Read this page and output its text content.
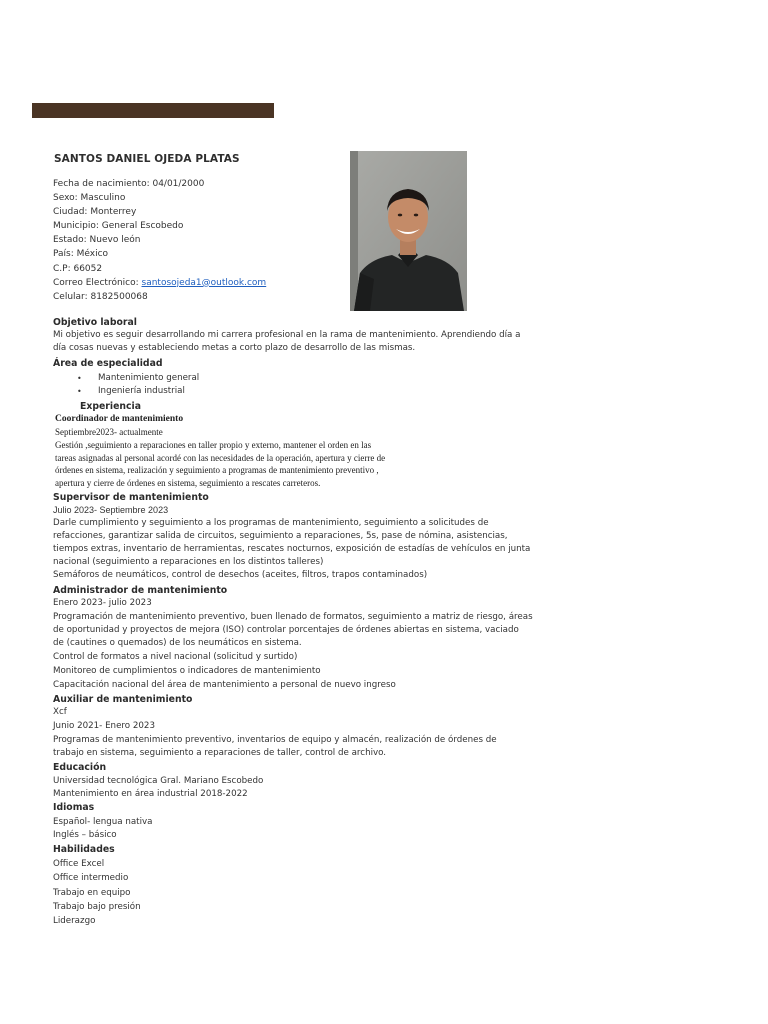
SANTOS DANIEL OJEDA PLATAS
Fecha de nacimiento: 04/01/2000
Sexo: Masculino
Ciudad: Monterrey
Municipio: General Escobedo
Estado: Nuevo león
País: México
C.P: 66052
Correo Electrónico: santosojeda1@outlook.com
Celular: 8182500068
Objetivo laboral
Mi objetivo es seguir desarrollando mi carrera profesional en la rama de mantenimiento. Aprendiendo día a
día cosas nuevas y estableciendo metas a corto plazo de desarrollo de las mismas.
Área de especialidad
• Mantenimiento general
• Ingeniería industrial
Experiencia
Coordinador de mantenimiento
Septiembre2023- actualmente
Gestión ,seguimiento a reparaciones en taller propio y externo, mantener el orden en las
tareas asignadas al personal acordé con las necesidades de la operación, apertura y cierre de
órdenes en sistema, realización y seguimiento a programas de mantenimiento preventivo ,
apertura y cierre de órdenes en sistema, seguimiento a rescates carreteros.
Supervisor de mantenimiento
Julio 2023- Septiembre 2023
Darle cumplimiento y seguimiento a los programas de mantenimiento, seguimiento a solicitudes de
refacciones, garantizar salida de circuitos, seguimiento a reparaciones, 5s, pase de nómina, asistencias,
tiempos extras, inventario de herramientas, rescates nocturnos, exposición de estadías de vehículos en junta
nacional (seguimiento a reparaciones en los distintos talleres)
Semáforos de neumáticos, control de desechos (aceites, filtros, trapos contaminados)
Administrador de mantenimiento
Enero 2023- julio 2023
Programación de mantenimiento preventivo, buen llenado de formatos, seguimiento a matriz de riesgo, áreas
de oportunidad y proyectos de mejora (ISO) controlar porcentajes de órdenes abiertas en sistema, vaciado
de (cautines o quemados) de los neumáticos en sistema.
Control de formatos a nivel nacional (solicitud y surtido)
Monitoreo de cumplimientos o indicadores de mantenimiento
Capacitación nacional del área de mantenimiento a personal de nuevo ingreso
Auxiliar de mantenimiento
Xcf
Junio 2021- Enero 2023
Programas de mantenimiento preventivo, inventarios de equipo y almacén, realización de órdenes de
trabajo en sistema, seguimiento a reparaciones de taller, control de archivo.
Educación
Universidad tecnológica Gral. Mariano Escobedo
Mantenimiento en área industrial 2018-2022
Idiomas
Español- lengua nativa
Inglés – básico
Habilidades
Office Excel
Office intermedio
Trabajo en equipo
Trabajo bajo presión
Liderazgo
